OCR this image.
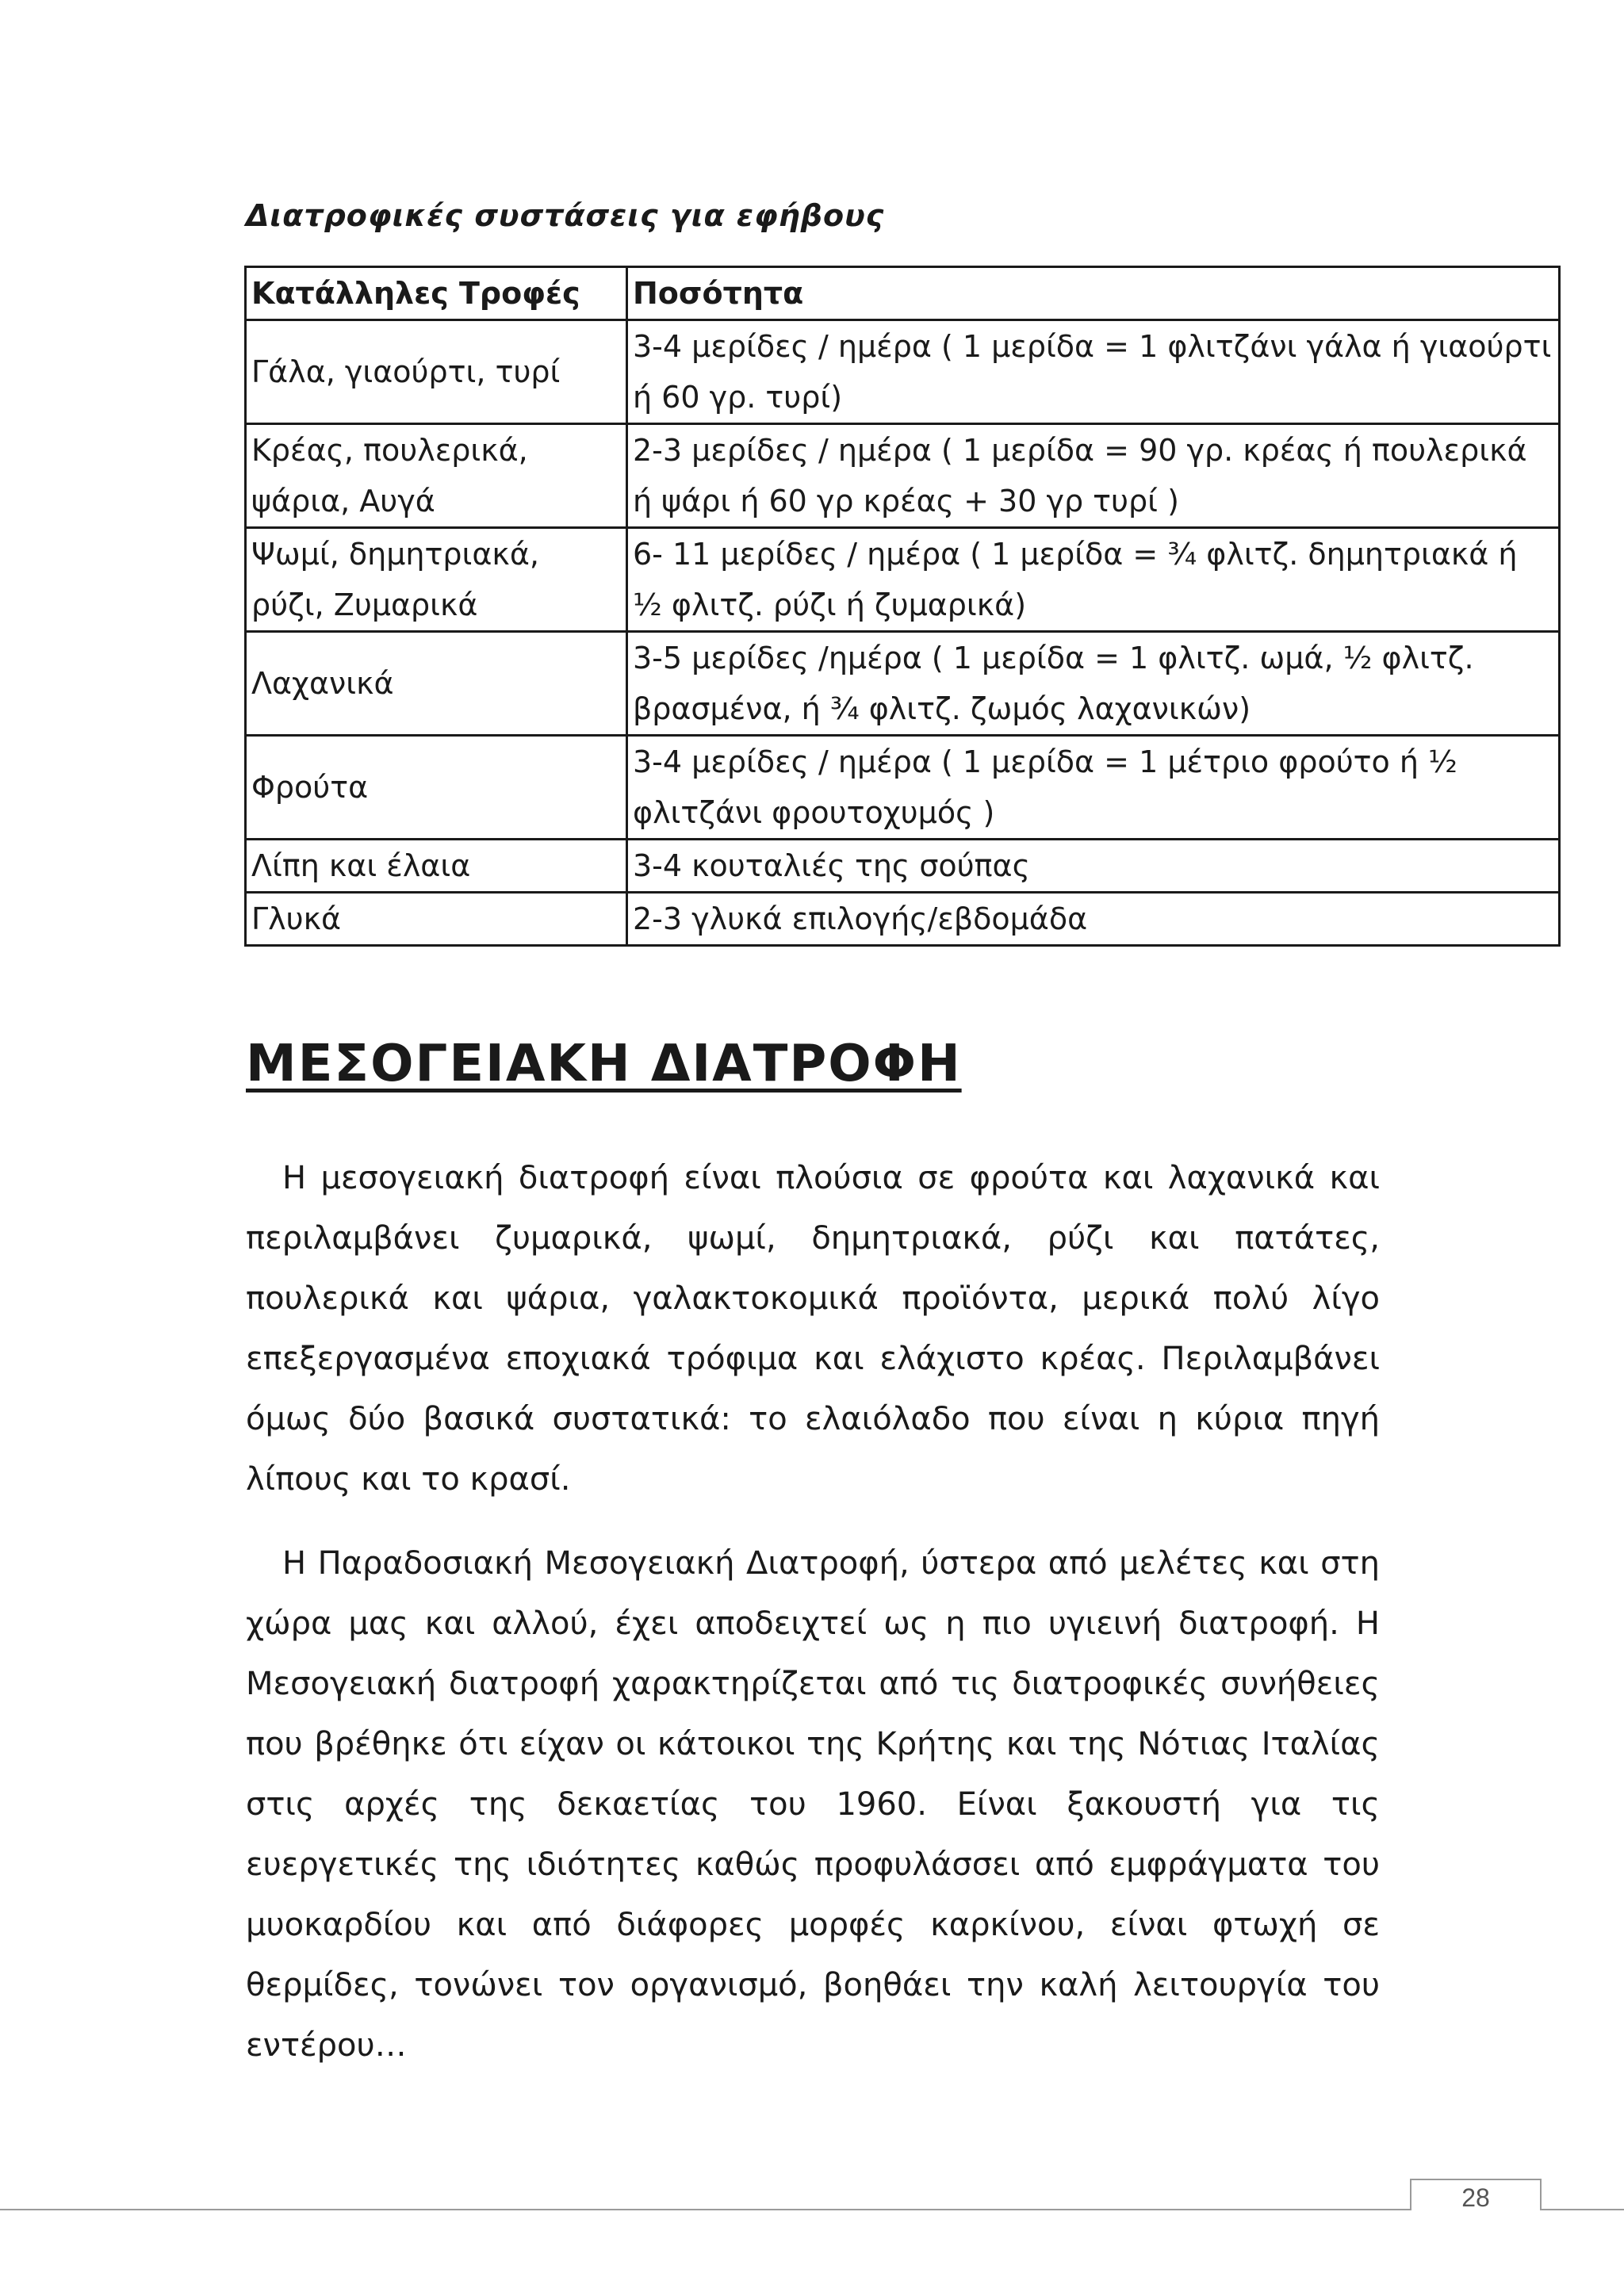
Διατροφικές συστάσεις για εφήβους

Κατάλληλες Τροφές	Ποσότητα
Γάλα, γιαούρτι, τυρί	3-4 μερίδες / ημέρα ( 1 μερίδα = 1 φλιτζάνι γάλα ή γιαούρτι ή 60 γρ. τυρί)
Κρέας, πουλερικά, ψάρια, Αυγά	2-3 μερίδες / ημέρα ( 1 μερίδα = 90 γρ. κρέας ή πουλερικά ή ψάρι ή 60 γρ κρέας + 30 γρ τυρί )
Ψωμί, δημητριακά, ρύζι, Ζυμαρικά	6- 11 μερίδες / ημέρα ( 1 μερίδα = ¾ φλιτζ. δημητριακά ή ½ φλιτζ. ρύζι ή ζυμαρικά)
Λαχανικά	3-5 μερίδες /ημέρα ( 1 μερίδα = 1 φλιτζ. ωμά, ½ φλιτζ. βρασμένα, ή ¾ φλιτζ. ζωμός λαχανικών)
Φρούτα	3-4 μερίδες / ημέρα ( 1 μερίδα = 1 μέτριο φρούτο ή ½ φλιτζάνι φρουτοχυμός )
Λίπη και έλαια	3-4 κουταλιές της σούπας
Γλυκά	2-3 γλυκά επιλογής/εβδομάδα
ΜΕΣΟΓΕΙΑΚΗ ΔΙΑΤΡΟΦΗ

Η μεσογειακή διατροφή είναι πλούσια σε φρούτα και λαχανικά και περιλαμβάνει ζυμαρικά, ψωμί, δημητριακά, ρύζι και πατάτες, πουλερικά και ψάρια, γαλακτοκομικά προϊόντα, μερικά πολύ λίγο επεξεργασμένα εποχιακά τρόφιμα και ελάχιστο κρέας. Περιλαμβάνει όμως δύο βασικά συστατικά: το ελαιόλαδο που είναι η κύρια πηγή λίπους και το κρασί.

Η Παραδοσιακή Μεσογειακή Διατροφή, ύστερα από μελέτες και στη χώρα μας και αλλού, έχει αποδειχτεί ως η πιο υγιεινή διατροφή. Η Μεσογειακή διατροφή χαρακτηρίζεται από τις διατροφικές συνήθειες που βρέθηκε ότι είχαν οι κάτοικοι της Κρήτης και της Νότιας Ιταλίας στις αρχές της δεκαετίας του 1960. Είναι ξακουστή για τις ευεργετικές της ιδιότητες καθώς προφυλάσσει από εμφράγματα του μυοκαρδίου και από διάφορες μορφές καρκίνου, είναι φτωχή σε θερμίδες, τονώνει τον οργανισμό, βοηθάει την καλή λειτουργία του εντέρου…

28
